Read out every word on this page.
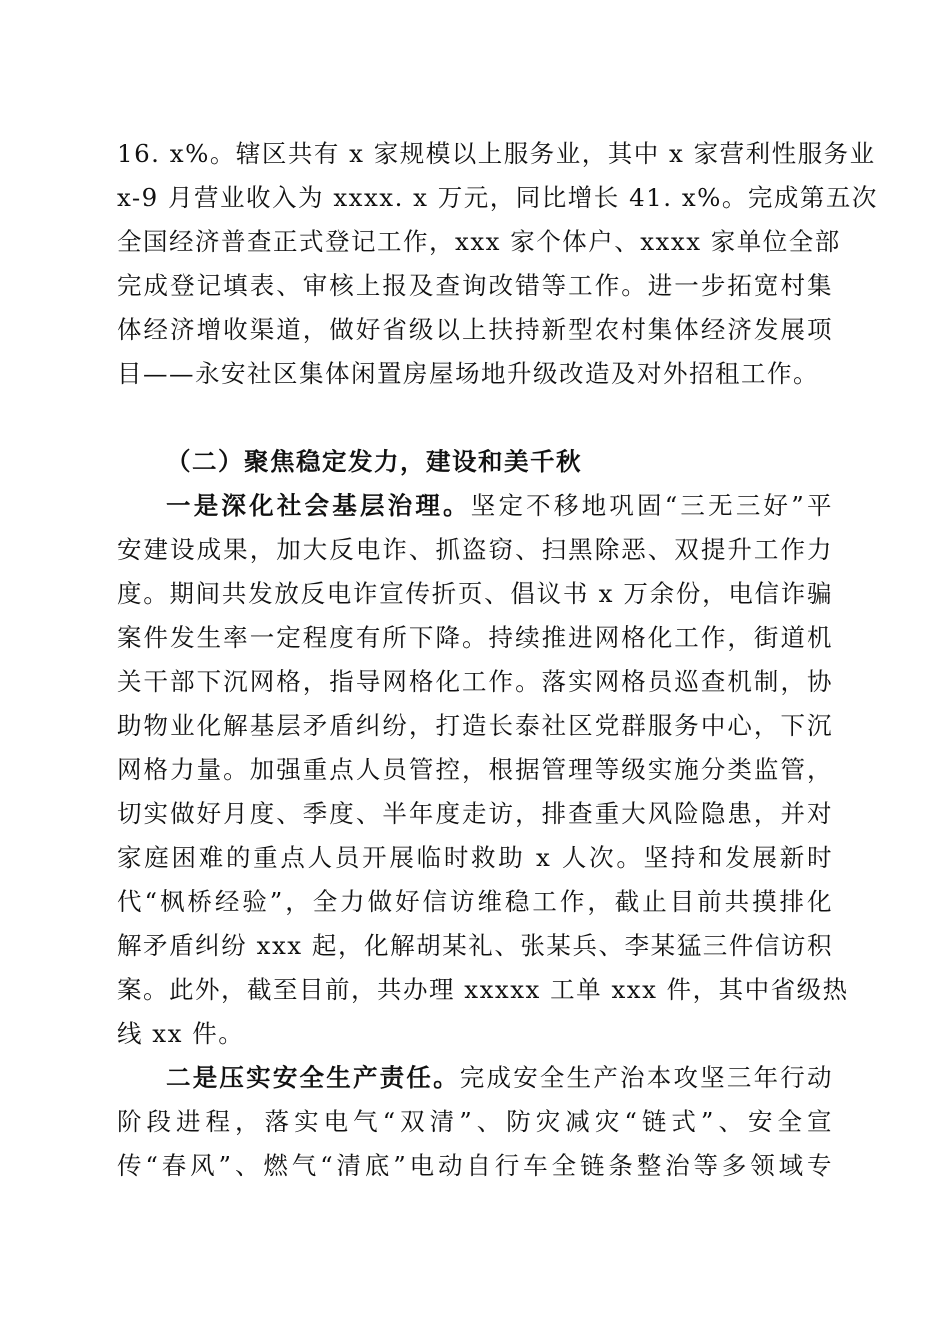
16. x%。辖区共有 x 家规模以上服务业，其中 x 家营利性服务业

x-9 月营业收入为 xxxx. x 万元，同比增长 41. x%。完成第五次

全国经济普查正式登记工作，xxx 家个体户、xxxx 家单位全部

完成登记填表、审核上报及查询改错等工作。进一步拓宽村集

体经济增收渠道，做好省级以上扶持新型农村集体经济发展项

目——永安社区集体闲置房屋场地升级改造及对外招租工作。

（二）聚焦稳定发力，建设和美千秋

一是深化社会基层治理。坚定不移地巩固“三无三好”平

安建设成果，加大反电诈、抓盗窃、扫黑除恶、双提升工作力

度。期间共发放反电诈宣传折页、倡议书 x 万余份，电信诈骗

案件发生率一定程度有所下降。持续推进网格化工作，街道机

关干部下沉网格，指导网格化工作。落实网格员巡查机制，协

助物业化解基层矛盾纠纷，打造长泰社区党群服务中心，下沉

网格力量。加强重点人员管控，根据管理等级实施分类监管，

切实做好月度、季度、半年度走访，排查重大风险隐患，并对

家庭困难的重点人员开展临时救助 x 人次。坚持和发展新时

代“枫桥经验”，全力做好信访维稳工作，截止目前共摸排化

解矛盾纠纷 xxx 起，化解胡某礼、张某兵、李某猛三件信访积

案。此外，截至目前，共办理 xxxxx 工单 xxx 件，其中省级热

线 xx 件。

二是压实安全生产责任。完成安全生产治本攻坚三年行动

阶段进程，落实电气“双清”、防灾减灾“链式”、安全宣

传“春风”、燃气“清底”电动自行车全链条整治等多领域专
